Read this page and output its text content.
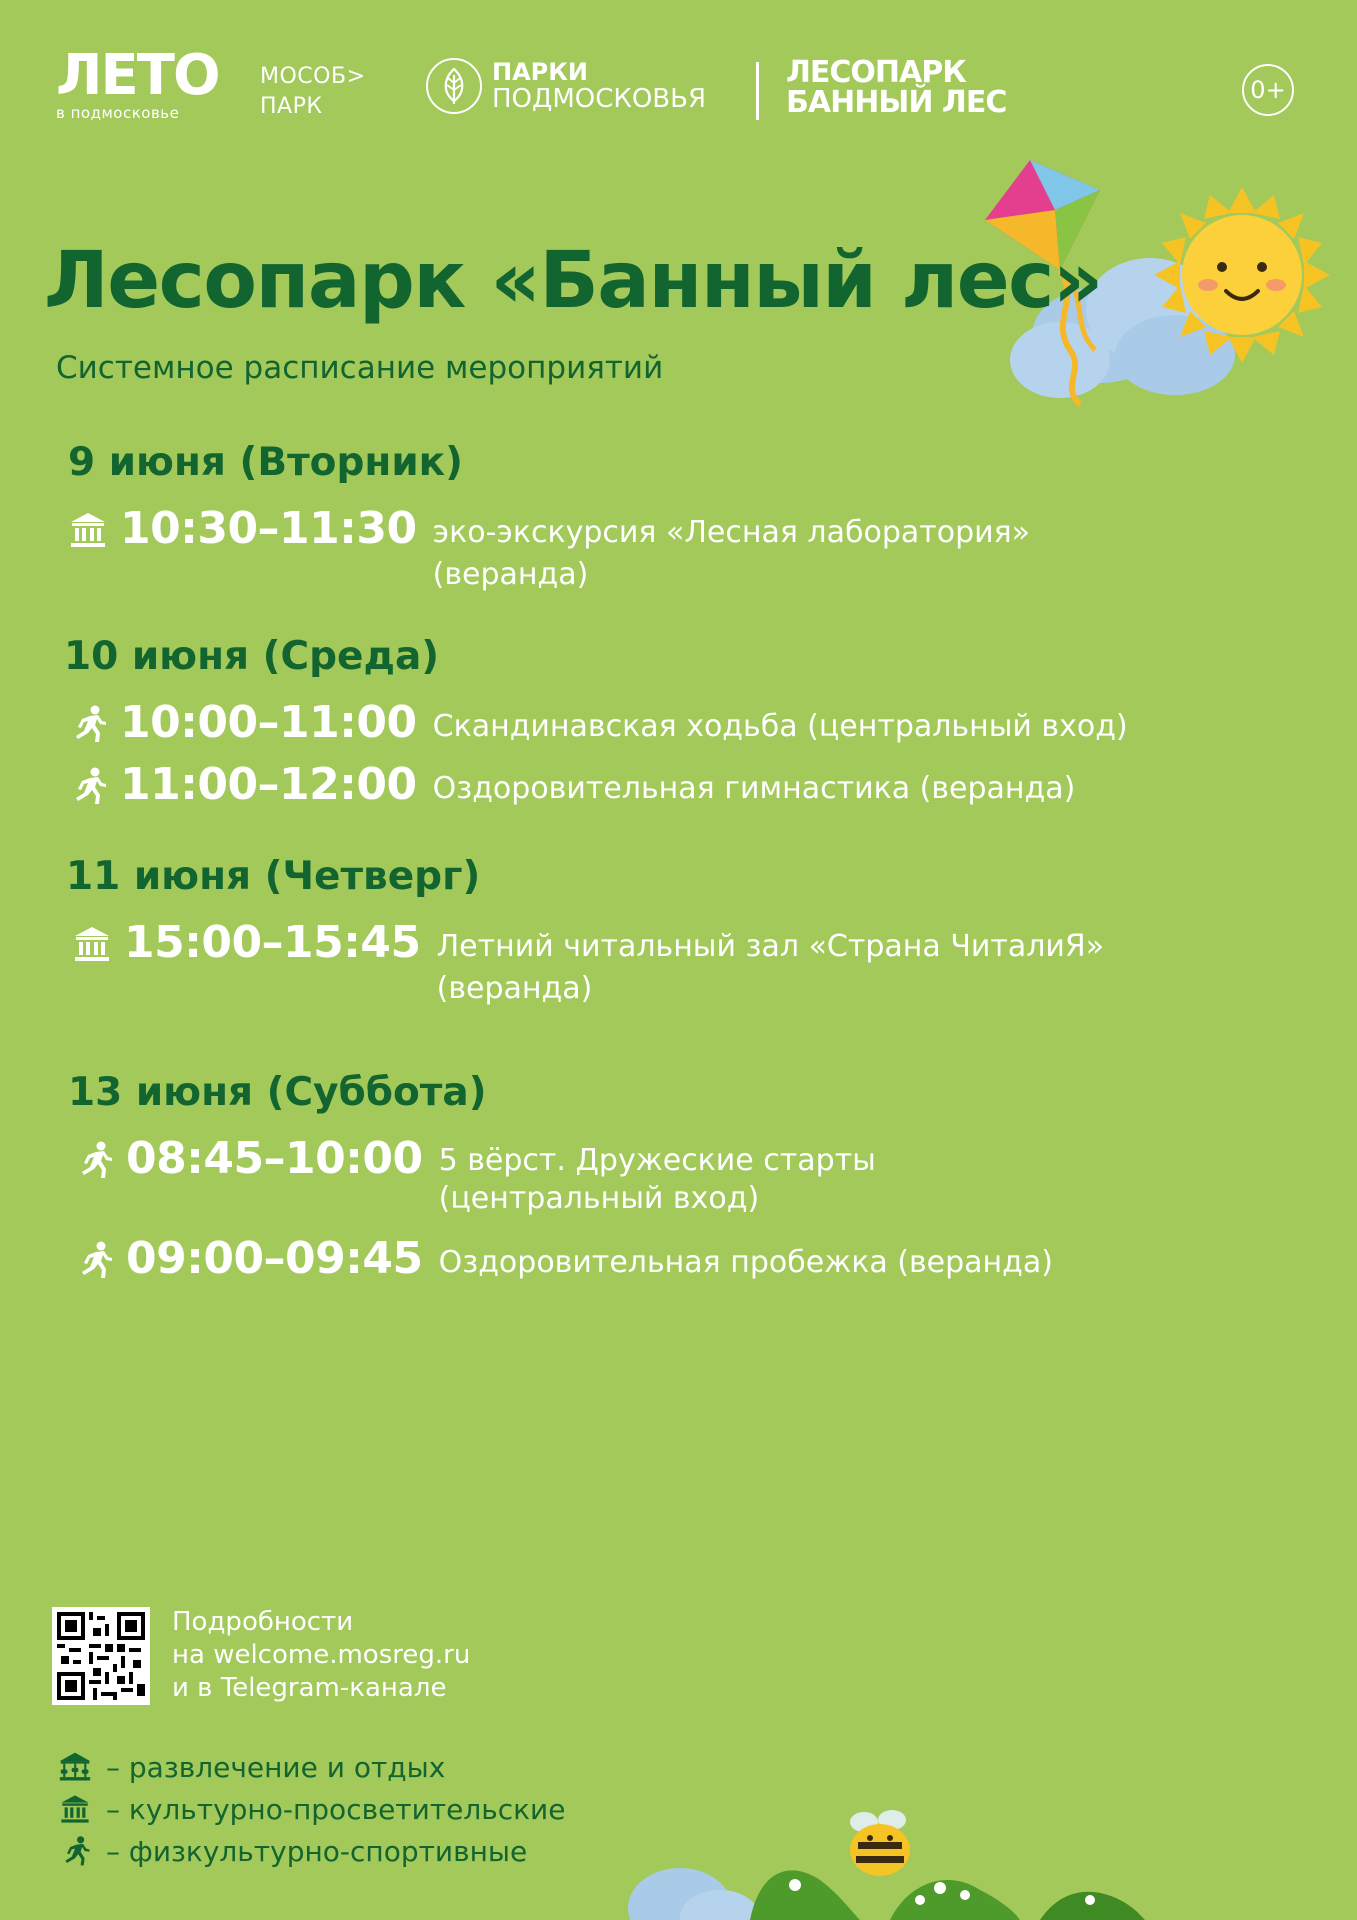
ЛЕТО
в подмосковье
МОСОБ>
ПАРК
ПАРКИ
ПОДМОСКОВЬЯ
ЛЕСОПАРК
БАННЫЙ ЛЕС	0+
Лесопарк «Банный лес»
Системное расписание мероприятий
9 июня (Вторник)
10:30–11:30 эко-экскурсия «Лесная лаборатория»
(веранда)
10 июня (Среда)
10:00–11:00 Скандинавская ходьба (центральный вход)
11:00–12:00 Оздоровительная гимнастика (веранда)
11 июня (Четверг)
15:00–15:45 Летний читальный зал «Страна ЧиталиЯ»
(веранда)
13 июня (Суббота)
08:45–10:00 5 вёрст. Дружеские старты
(центральный вход)
09:00–09:45 Оздоровительная пробежка (веранда)
Подробности
на welcome.mosreg.ru
и в Telegram-канале
– развлечение и отдых
– культурно-просветительские
– физкультурно-спортивные
